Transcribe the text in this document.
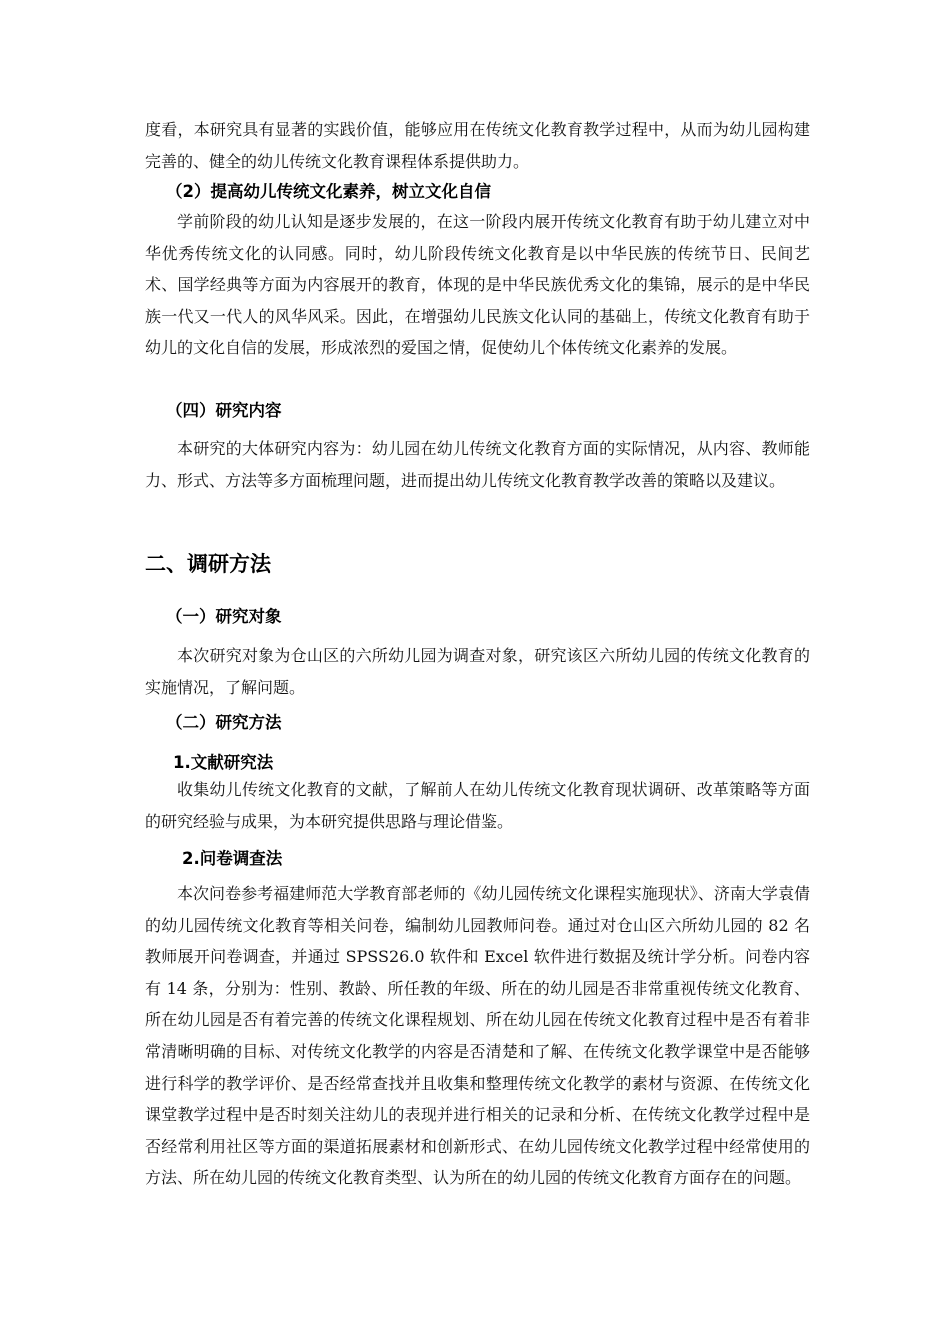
度看，本研究具有显著的实践价值，能够应用在传统文化教育教学过程中，从而为幼儿园构建完善的、健全的幼儿传统文化教育课程体系提供助力。

（2）提高幼儿传统文化素养，树立文化自信

学前阶段的幼儿认知是逐步发展的，在这一阶段内展开传统文化教育有助于幼儿建立对中华优秀传统文化的认同感。同时，幼儿阶段传统文化教育是以中华民族的传统节日、民间艺术、国学经典等方面为内容展开的教育，体现的是中华民族优秀文化的集锦，展示的是中华民族一代又一代人的风华风采。因此，在增强幼儿民族文化认同的基础上，传统文化教育有助于幼儿的文化自信的发展，形成浓烈的爱国之情，促使幼儿个体传统文化素养的发展。

（四）研究内容

本研究的大体研究内容为：幼儿园在幼儿传统文化教育方面的实际情况，从内容、教师能力、形式、方法等多方面梳理问题，进而提出幼儿传统文化教育教学改善的策略以及建议。

二、调研方法
（一）研究对象

本次研究对象为仓山区的六所幼儿园为调查对象，研究该区六所幼儿园的传统文化教育的实施情况，了解问题。

（二）研究方法
1.文献研究法

收集幼儿传统文化教育的文献，了解前人在幼儿传统文化教育现状调研、改革策略等方面的研究经验与成果，为本研究提供思路与理论借鉴。

2.问卷调查法

本次问卷参考福建师范大学教育部老师的《幼儿园传统文化课程实施现状》、济南大学袁倩的幼儿园传统文化教育等相关问卷，编制幼儿园教师问卷。通过对仓山区六所幼儿园的 82 名教师展开问卷调查，并通过 SPSS26.0 软件和 Excel 软件进行数据及统计学分析。问卷内容有 14 条，分别为：性别、教龄、所任教的年级、所在的幼儿园是否非常重视传统文化教育、所在幼儿园是否有着完善的传统文化课程规划、所在幼儿园在传统文化教育过程中是否有着非常清晰明确的目标、对传统文化教学的内容是否清楚和了解、在传统文化教学课堂中是否能够进行科学的教学评价、是否经常查找并且收集和整理传统文化教学的素材与资源、在传统文化课堂教学过程中是否时刻关注幼儿的表现并进行相关的记录和分析、在传统文化教学过程中是否经常利用社区等方面的渠道拓展素材和创新形式、在幼儿园传统文化教学过程中经常使用的方法、所在幼儿园的传统文化教育类型、认为所在的幼儿园的传统文化教育方面存在的问题。
